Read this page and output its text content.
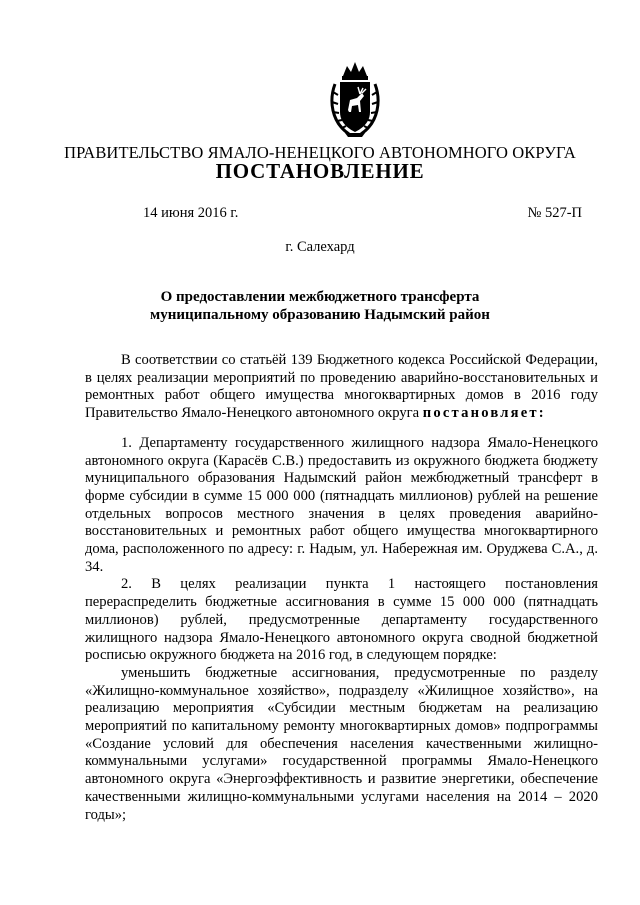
ПРАВИТЕЛЬСТВО ЯМАЛО-НЕНЕЦКОГО АВТОНОМНОГО ОКРУГА
ПОСТАНОВЛЕНИЕ
14 июня 2016 г.	№ 527-П
г. Салехард
О предоставлении межбюджетного трансферта
муниципальному образованию Надымский район

В соответствии со статьёй 139 Бюджетного кодекса Российской Федерации, в целях реализации мероприятий по проведению аварийно-восстановительных и ремонтных работ общего имущества многоквартирных домов в 2016 году Правительство Ямало-Ненецкого автономного округа постановляет:

1. Департаменту государственного жилищного надзора Ямало-Ненецкого автономного округа (Карасёв С.В.) предоставить из окружного бюджета бюджету муниципального образования Надымский район межбюджетный трансферт в форме субсидии в сумме 15 000 000 (пятнадцать миллионов) рублей на решение отдельных вопросов местного значения в целях проведения аварийно-восстановительных и ремонтных работ общего имущества многоквартирного дома, расположенного по адресу: г. Надым, ул. Набережная им. Оруджева С.А., д. 34.

2. В целях реализации пункта 1 настоящего постановления перераспределить бюджетные ассигнования в сумме 15 000 000 (пятнадцать миллионов) рублей, предусмотренные департаменту государственного жилищного надзора Ямало-Ненецкого автономного округа сводной бюджетной росписью окружного бюджета на 2016 год, в следующем порядке:

уменьшить бюджетные ассигнования, предусмотренные по разделу «Жилищно-коммунальное хозяйство», подразделу «Жилищное хозяйство», на реализацию мероприятия «Субсидии местным бюджетам на реализацию мероприятий по капитальному ремонту многоквартирных домов» подпрограммы «Создание условий для обеспечения населения качественными жилищно-коммунальными услугами» государственной программы Ямало-Ненецкого автономного округа «Энергоэффективность и развитие энергетики, обеспечение качественными жилищно-коммунальными услугами населения на 2014 – 2020 годы»;
